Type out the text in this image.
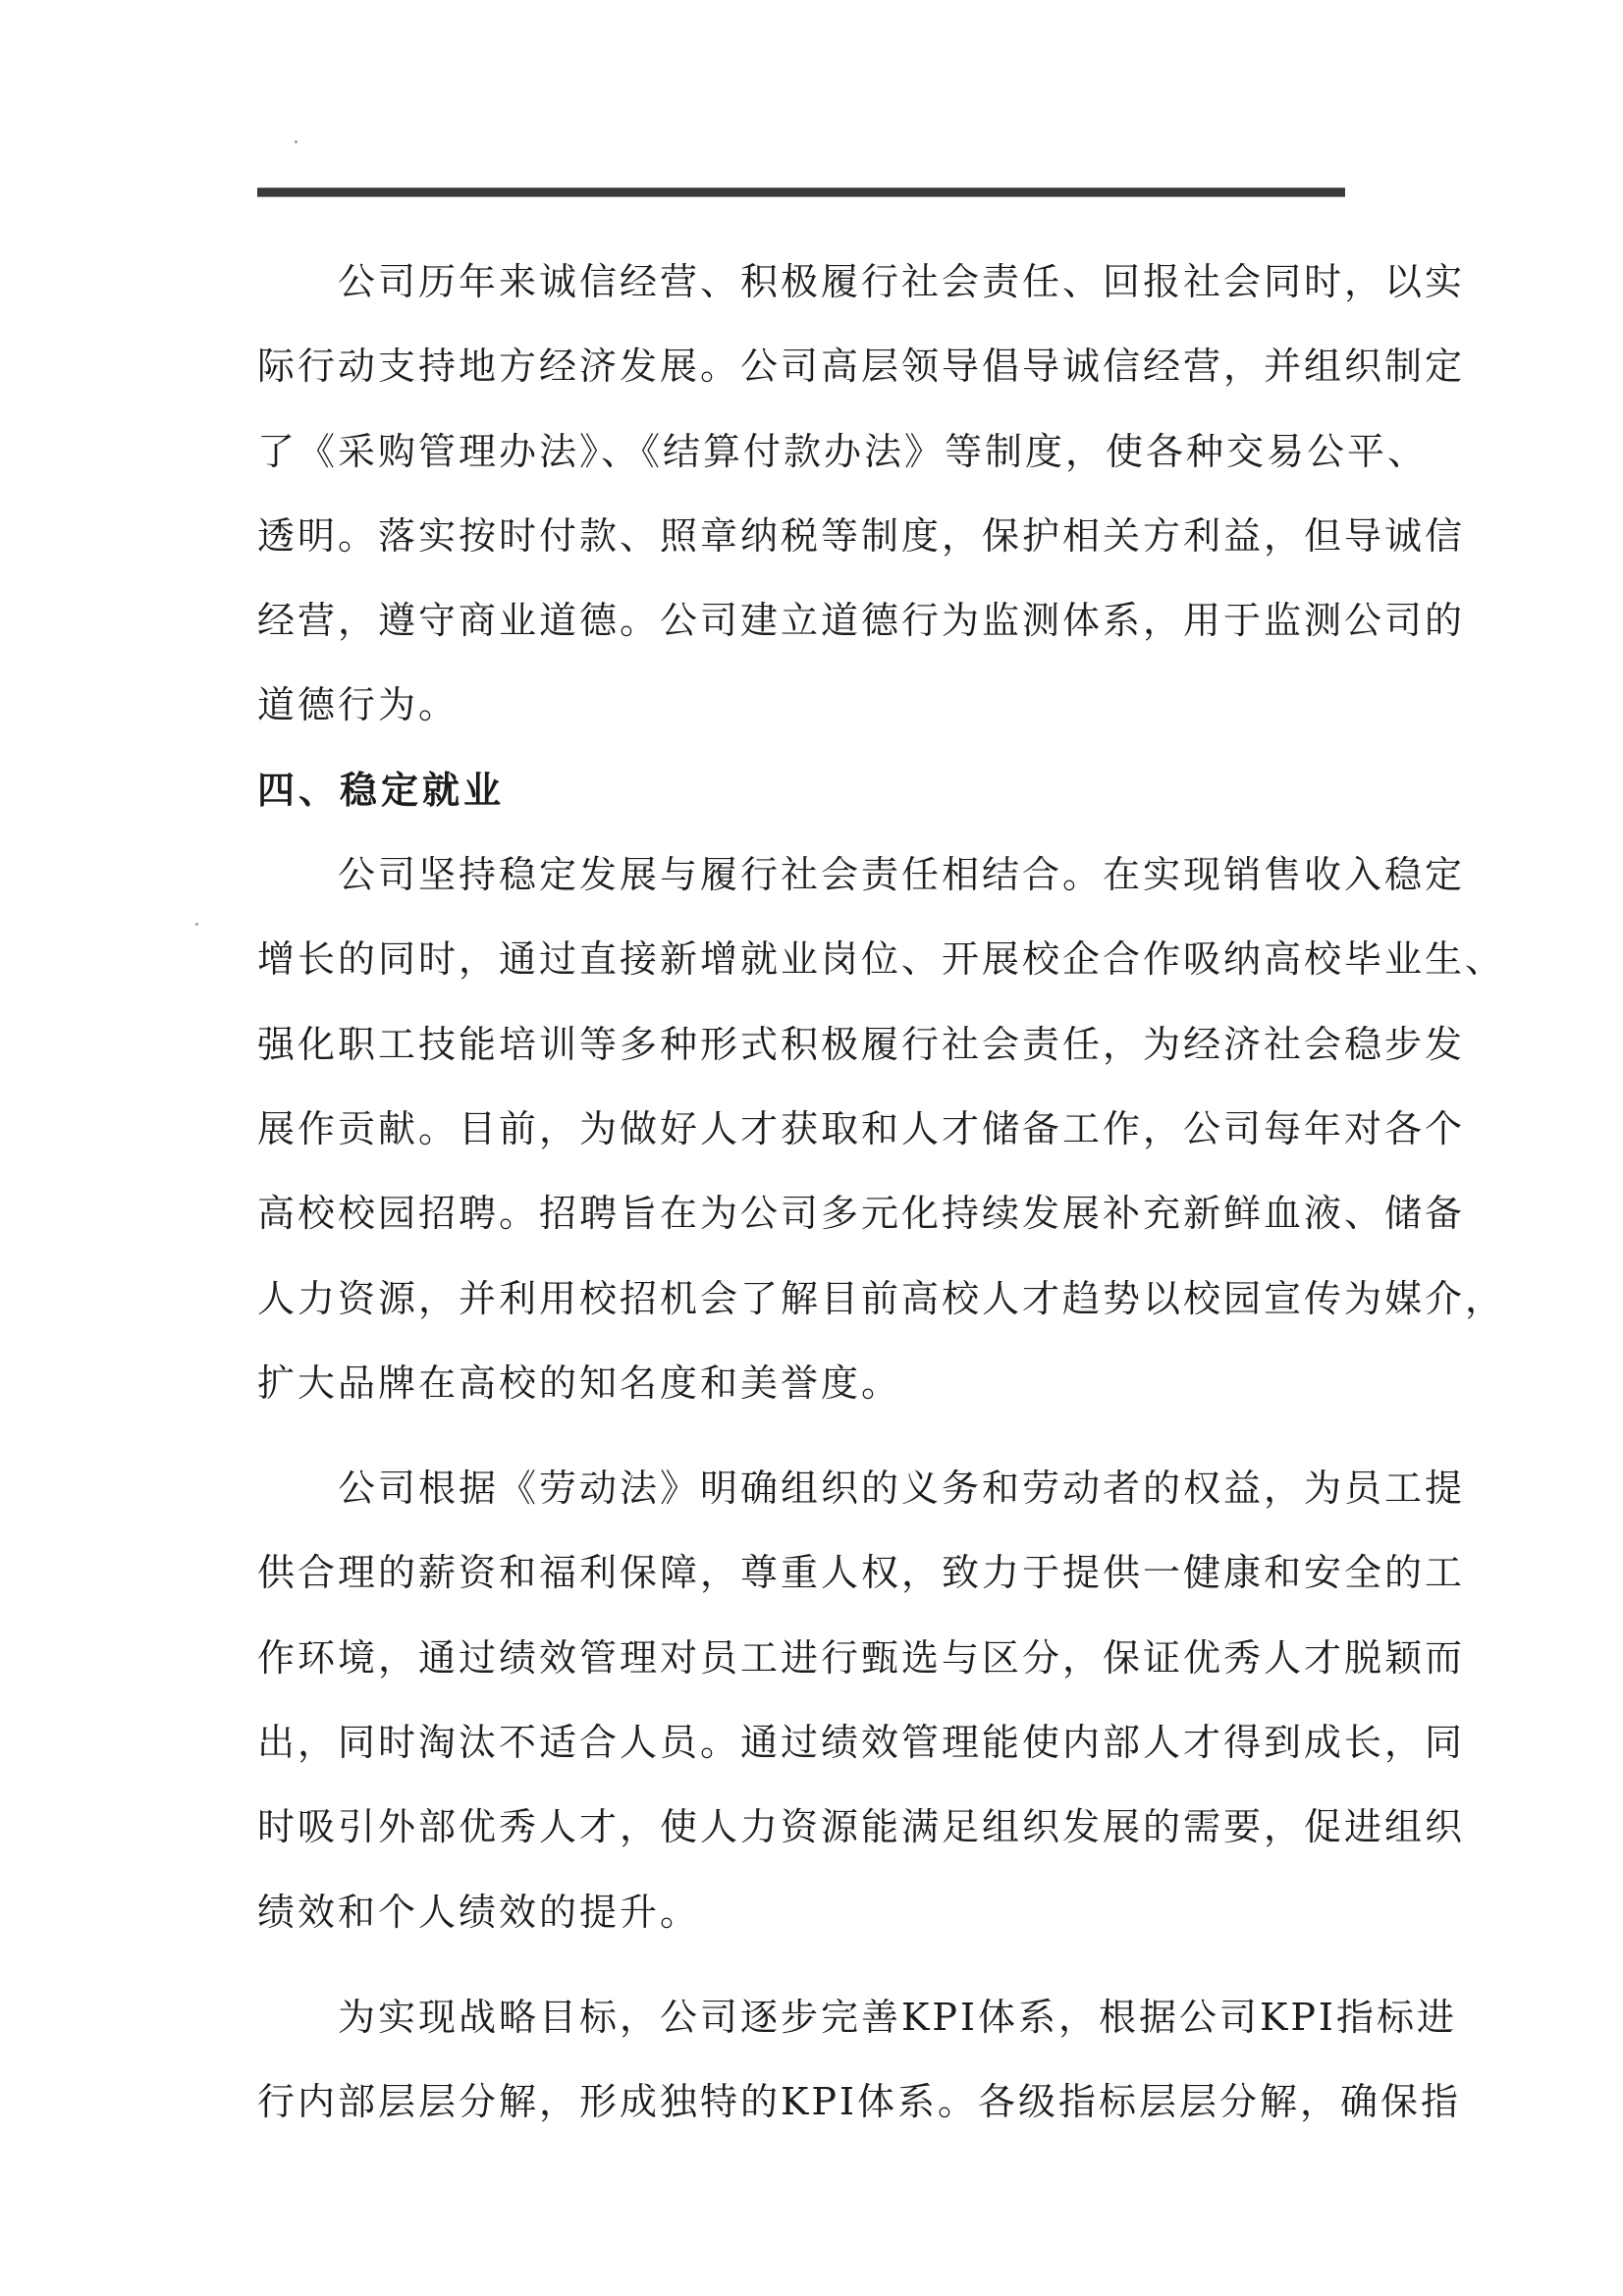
公司历年来诚信经营、积极履行社会责任、回报社会同时，以实
际行动支持地方经济发展。公司高层领导倡导诚信经营，并组织制定
了《采购管理办法》、《结算付款办法》等制度，使各种交易公平、
透明。落实按时付款、照章纳税等制度，保护相关方利益，但导诚信
经营，遵守商业道德。公司建立道德行为监测体系，用于监测公司的
道德行为。
四、稳定就业
公司坚持稳定发展与履行社会责任相结合。在实现销售收入稳定
增长的同时，通过直接新增就业岗位、开展校企合作吸纳高校毕业生、
强化职工技能培训等多种形式积极履行社会责任，为经济社会稳步发
展作贡献。目前，为做好人才获取和人才储备工作，公司每年对各个
高校校园招聘。招聘旨在为公司多元化持续发展补充新鲜血液、储备
人力资源，并利用校招机会了解目前高校人才趋势以校园宣传为媒介，
扩大品牌在高校的知名度和美誉度。
公司根据《劳动法》明确组织的义务和劳动者的权益，为员工提
供合理的薪资和福利保障，尊重人权，致力于提供一健康和安全的工
作环境，通过绩效管理对员工进行甄选与区分，保证优秀人才脱颖而
出，同时淘汰不适合人员。通过绩效管理能使内部人才得到成长，同
时吸引外部优秀人才，使人力资源能满足组织发展的需要，促进组织
绩效和个人绩效的提升。
为实现战略目标，公司逐步完善KPI体系，根据公司KPI指标进
行内部层层分解，形成独特的KPI体系。各级指标层层分解，确保指
